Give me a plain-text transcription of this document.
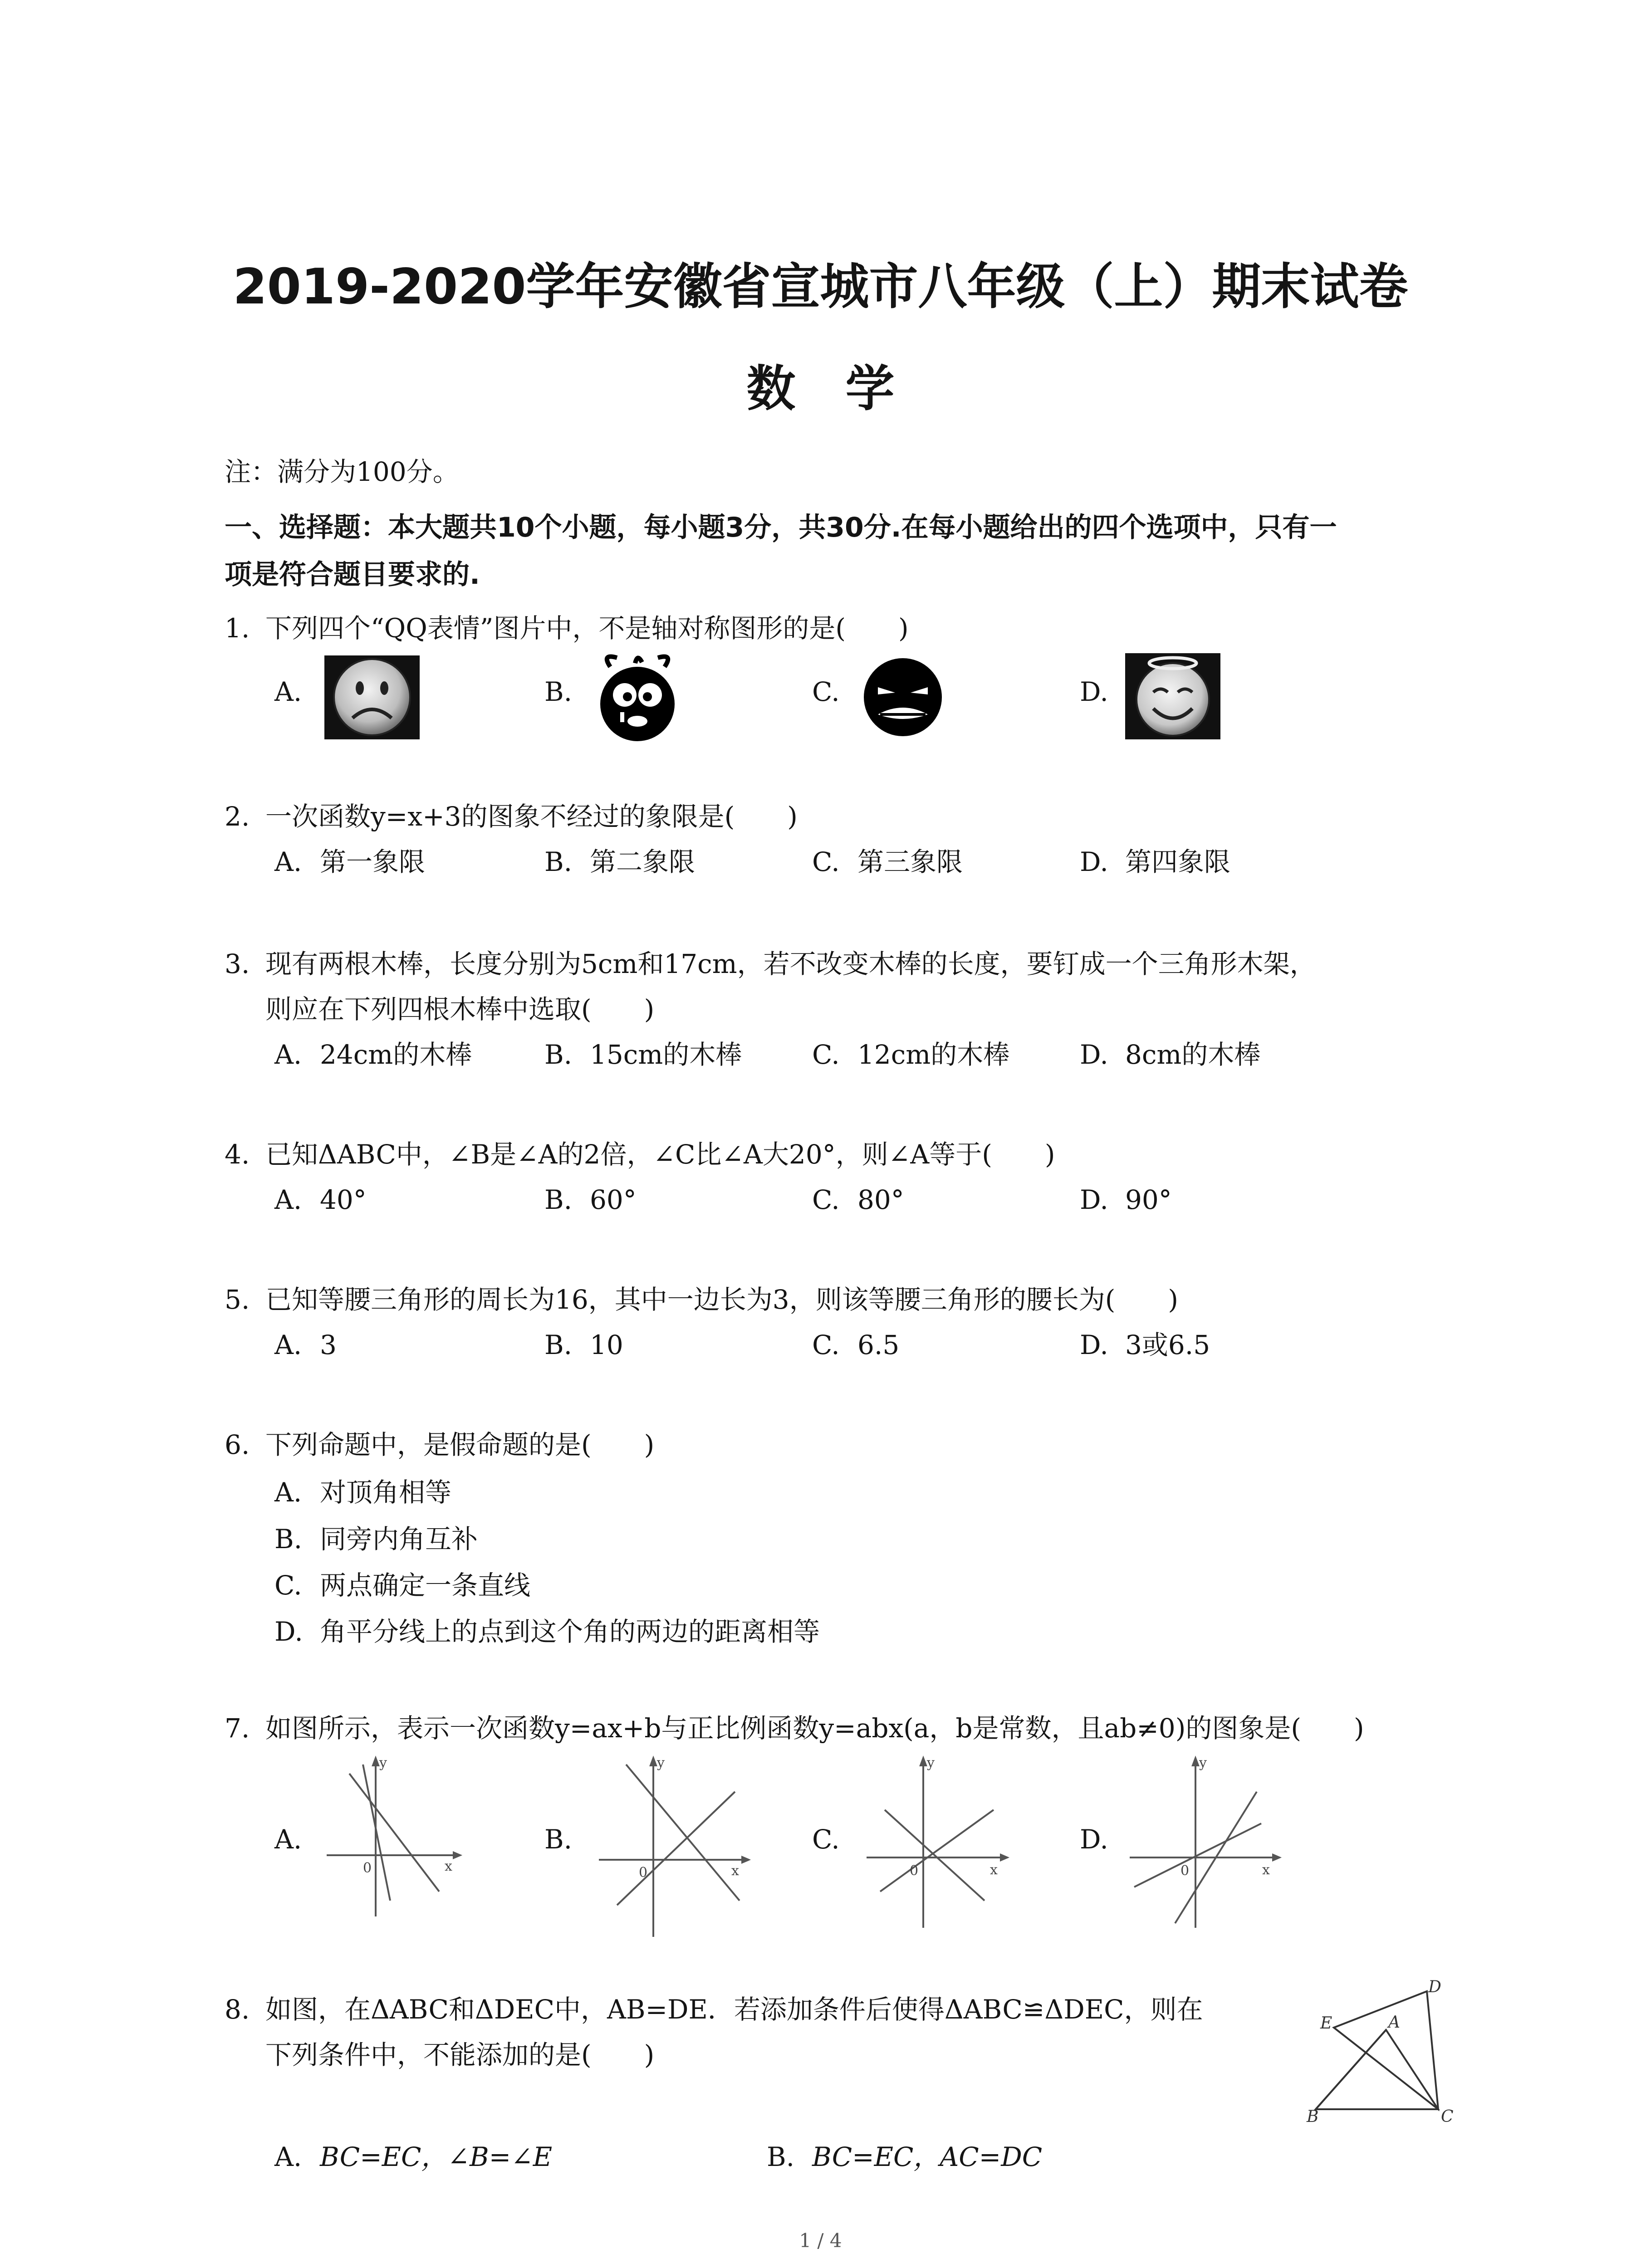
2019-2020学年安徽省宣城市八年级（上）期末试卷
数学
注：满分为100分。
一、选择题：本大题共10个小题，每小题3分，共30分.在每小题给出的四个选项中，只有一
项是符合题目要求的.
1. 下列四个“QQ表情”图片中，不是轴对称图形的是(　　)
A.	B.	C.	D.
2. 一次函数y=x+3的图象不经过的象限是(　　)
A. 第一象限	B. 第二象限	C. 第三象限	D. 第四象限
3. 现有两根木棒，长度分别为5cm和17cm，若不改变木棒的长度，要钉成一个三角形木架，
则应在下列四根木棒中选取(　　)
A. 24cm的木棒	B. 15cm的木棒	C. 12cm的木棒	D. 8cm的木棒
4. 已知ΔABC中，∠B是∠A的2倍，∠C比∠A大20°，则∠A等于(　　)
A. 40°	B. 60°	C. 80°	D. 90°
5. 已知等腰三角形的周长为16，其中一边长为3，则该等腰三角形的腰长为(　　)
A. 3	B. 10	C. 6.5	D. 3或6.5
6. 下列命题中，是假命题的是(　　)
A. 对顶角相等
B. 同旁内角互补
C. 两点确定一条直线
D. 角平分线上的点到这个角的两边的距离相等
7. 如图所示，表示一次函数y=ax+b与正比例函数y=abx(a，b是常数，且ab≠0)的图象是(　　)
A.
y
x
0
B.
y
x
0
C.
y
x
0
D.
y
x
0
8. 如图，在ΔABC和ΔDEC中，AB=DE．若添加条件后使得ΔABC≌ΔDEC，则在
下列条件中，不能添加的是(　　)
B	C
A
E
D
A. BC=EC，∠B=∠E	B. BC=EC，AC=DC
1 / 4
